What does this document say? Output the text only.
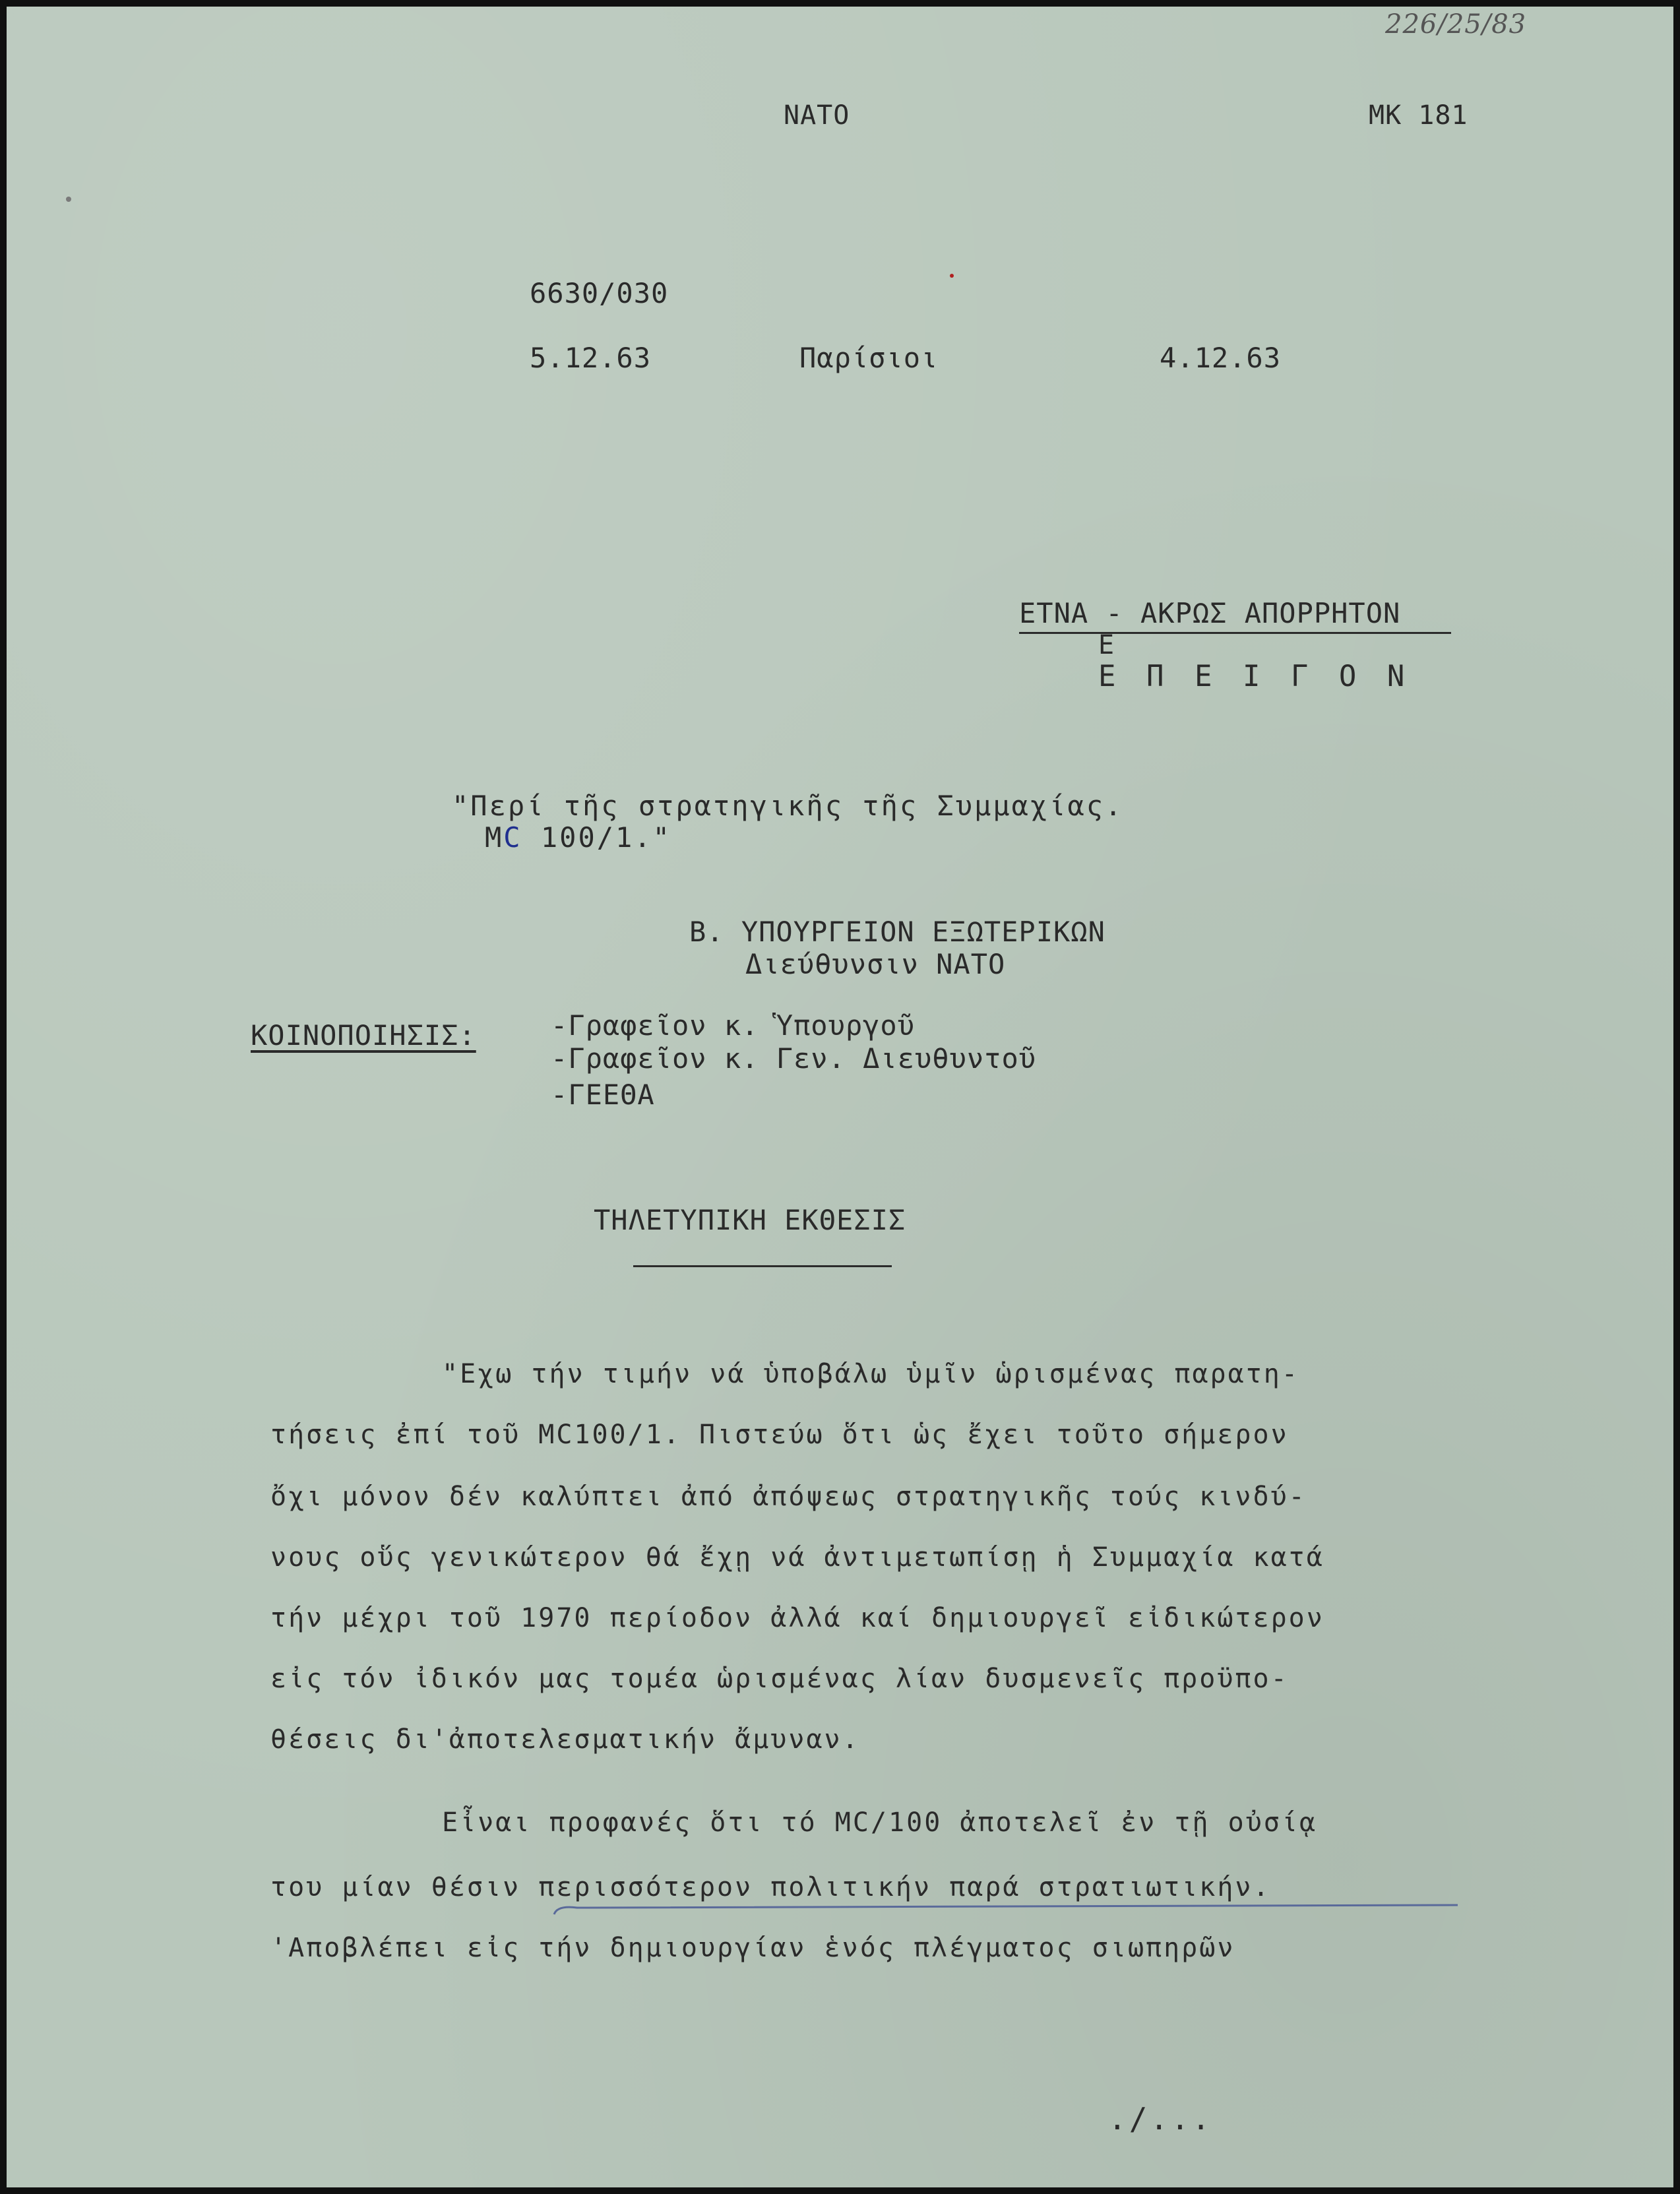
226/25/83
NATO	MK 181
6630/030
5.12.63	Παρίσιοι	4.12.63
ΕΤΝΑ - ΑΚΡΩΣ ΑΠΟΡΡΗΤΟΝ
Ε
Ε Π Ε Ι Γ Ο Ν
"Περί τῆς στρατηγικῆς τῆς Συμμαχίας.
MC 100/1."
Β. ΥΠΟΥΡΓΕΙΟΝ ΕΞΩΤΕΡΙΚΩΝ
Διεύθυνσιν ΝΑΤΟ
ΚΟΙΝΟΠΟΙΗΣΙΣ:	-Γραφεῖον κ. Ὑπουργοῦ
-Γραφεῖον κ. Γεν. Διευθυντοῦ
-ΓΕΕΘΑ
ΤΗΛΕΤΥΠΙΚΗ ΕΚΘΕΣΙΣ
"Εχω τήν τιμήν νά ὑποβάλω ὑμῖν ὡρισμένας παρατη-
τήσεις ἐπί τοῦ MC100/1. Πιστεύω ὅτι ὡς ἔχει τοῦτο σήμερον
ὄχι μόνον δέν καλύπτει ἀπό ἀπόψεως στρατηγικῆς τούς κινδύ-
νους οὕς γενικώτερον θά ἔχῃ νά ἀντιμετωπίσῃ ἡ Συμμαχία κατά
τήν μέχρι τοῦ 1970 περίοδον ἀλλά καί δημιουργεῖ εἰδικώτερον
εἰς τόν ἰδικόν μας τομέα ὡρισμένας λίαν δυσμενεῖς προϋπο-
θέσεις δι'ἀποτελεσματικήν ἄμυναν.
Εἶναι προφανές ὅτι τό MC/100 ἀποτελεῖ ἐν τῇ οὐσίᾳ
του μίαν θέσιν περισσότερον πολιτικήν παρά στρατιωτικήν.
'Αποβλέπει εἰς τήν δημιουργίαν ἑνός πλέγματος σιωπηρῶν
./...
